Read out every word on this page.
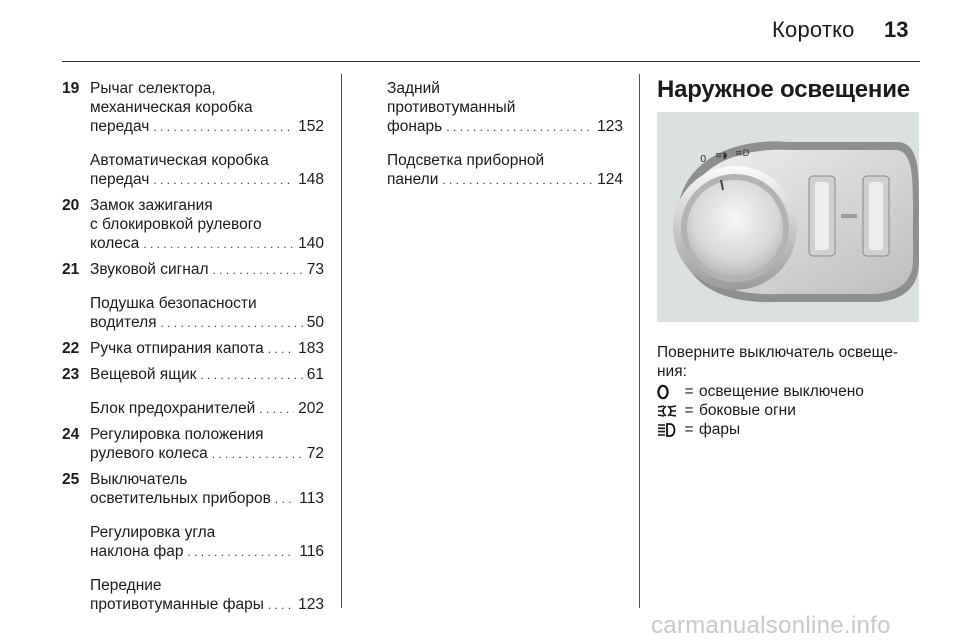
Коротко 13
19 Рычаг селектора,
механическая коробка
передач . . .	152
Автоматическая коробка
передач . . .	148
20 Замок зажигания
с блокировкой рулевого
колеса . . .	140
21 Звуковой сигнал . . .	73
Подушка безопасности
водителя . . .	50
22 Ручка отпирания капота . . . 183
23 Вещевой ящик . . .	61
Блок предохранителей . . .	202
24 Регулировка положения
рулевого колеса . . .	72
25 Выключатель
осветительных приборов . . . 113
Регулировка угла
наклона фар . . .	116
Передние
противотуманные фары . . . 123
Задний
противотуманный
фонарь . . .	123
Подсветка приборной
панели . . .	124
Наружное освещение
0 ≡◗ ≡D
Поверните выключатель освеще-
ния:
= освещение выключено
= боковые огни
= фары
carmanualsonline.info
